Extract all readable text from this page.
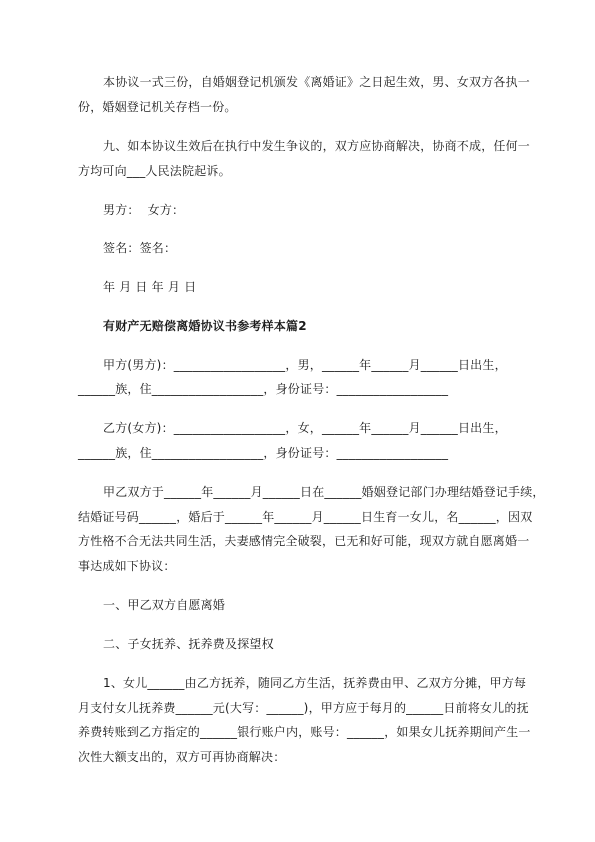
本协议一式三份，自婚姻登记机颁发《离婚证》之日起生效，男、女双方各执一
份，婚姻登记机关存档一份。
九、如本协议生效后在执行中发生争议的，双方应协商解决，协商不成，任何一
方均可向___人民法院起诉。
男方：  女方：
签名：签名：
年 月 日 年 月 日
有财产无赔偿离婚协议书参考样本篇2
甲方(男方)：__________________，男，______年______月______日出生，
______族，住__________________，身份证号：__________________
乙方(女方)：__________________，女，______年______月______日出生，
______族，住__________________，身份证号：__________________
甲乙双方于______年______月______日在______婚姻登记部门办理结婚登记手续，
结婚证号码______，婚后于______年______月______日生育一女儿，名______，因双
方性格不合无法共同生活，夫妻感情完全破裂，已无和好可能，现双方就自愿离婚一
事达成如下协议：
一、甲乙双方自愿离婚
二、子女抚养、抚养费及探望权
1、女儿______由乙方抚养，随同乙方生活，抚养费由甲、乙双方分摊，甲方每
月支付女儿抚养费______元(大写：______)，甲方应于每月的______日前将女儿的抚
养费转账到乙方指定的______银行账户内，账号：______，如果女儿抚养期间产生一
次性大额支出的，双方可再协商解决：
